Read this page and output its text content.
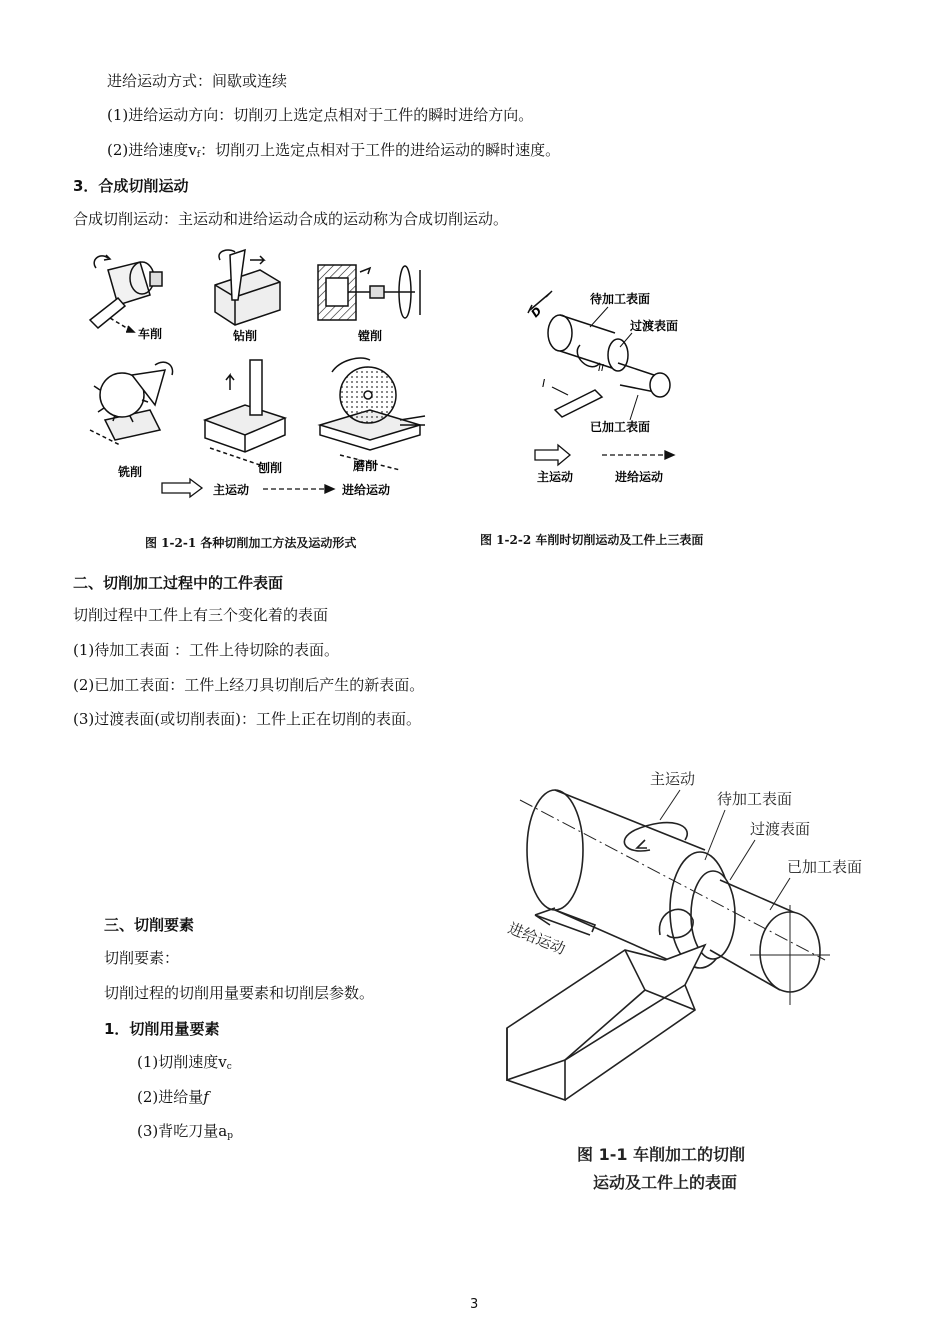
进给运动方式：间歇或连续
(1)进给运动方向：切削刃上选定点相对于工件的瞬时进给方向。
(2)进给速度$v_f$：切削刃上选定点相对于工件的进给运动的瞬时速度。
3．合成切削运动
合成切削运动：主运动和进给运动合成的运动称为合成切削运动。
车削	钻削	镗削
铣削	刨削	磨削
主运动	进给运动
图 1-2-1 各种切削加工方法及运动形式
D
I
II
待加工表面
过渡表面
已加工表面
主运动	进给运动
图 1-2-2 车削时切削运动及工件上三表面
二、切削加工过程中的工件表面
切削过程中工件上有三个变化着的表面
(1)待加工表面 ：工件上待切除的表面。
(2)已加工表面：工件上经刀具切削后产生的新表面。
(3)过渡表面(或切削表面)：工件上正在切削的表面。
三、切削要素
切削要素：
切削过程的切削用量要素和切削层参数。
1．切削用量要素
(1)切削速度$v_c$
(2)进给量f
(3)背吃刀量$a_p$
主运动
待加工表面
过渡表面
已加工表面
进给运动
图 1-1 车削加工的切削
运动及工件上的表面
3
